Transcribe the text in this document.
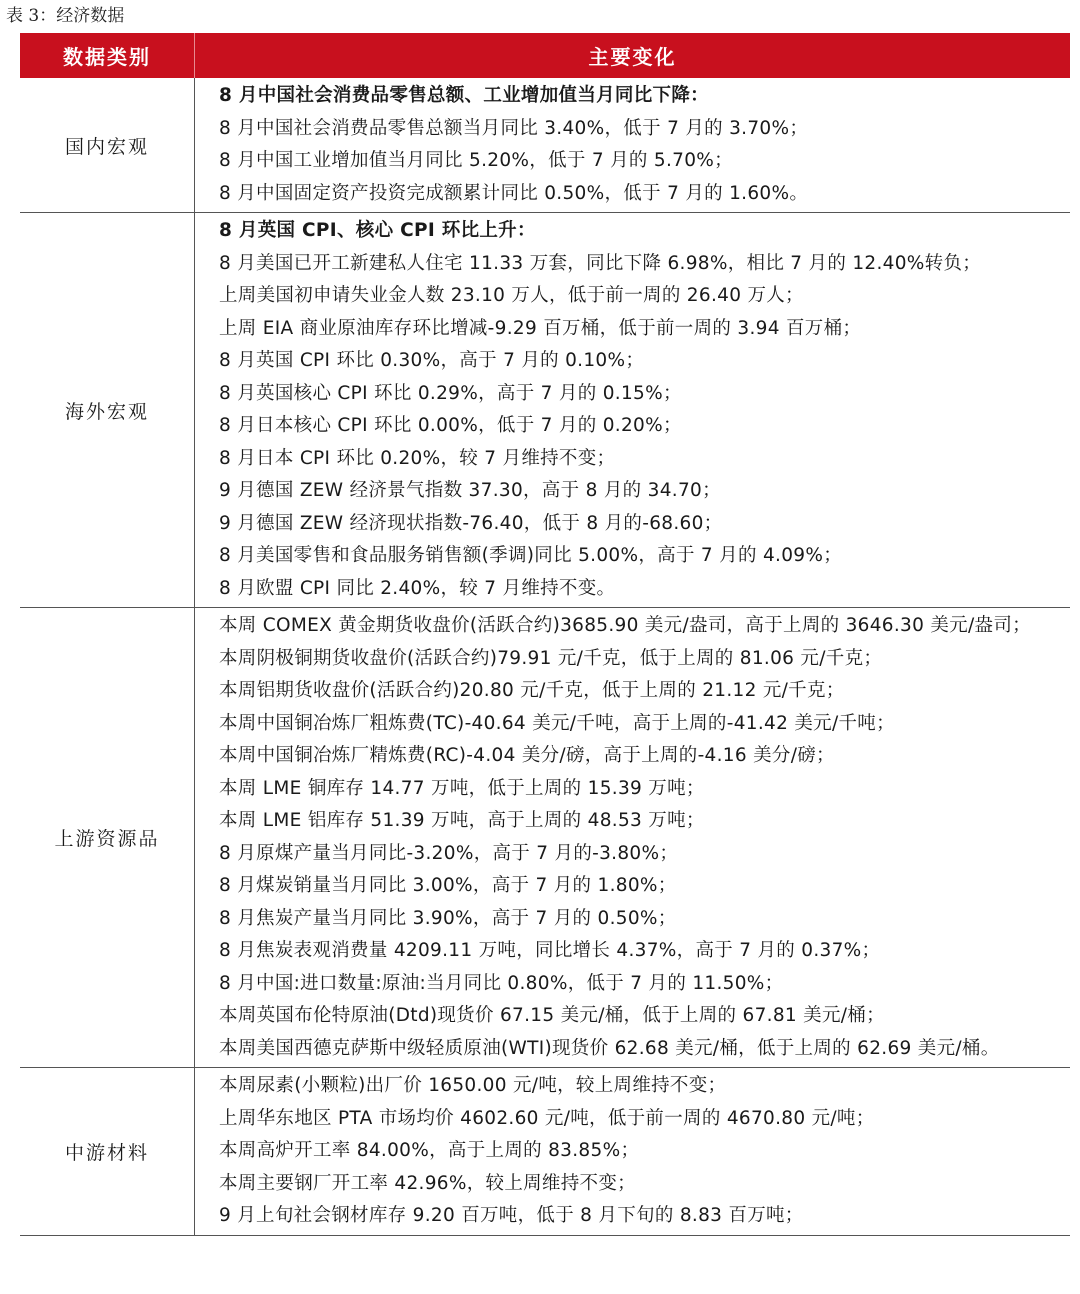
表 3：经济数据
数据类别	主要变化
国内宏观
8 月中国社会消费品零售总额、工业增加值当月同比下降：
8 月中国社会消费品零售总额当月同比 3.40%，低于 7 月的 3.70%；
8 月中国工业增加值当月同比 5.20%，低于 7 月的 5.70%；
8 月中国固定资产投资完成额累计同比 0.50%，低于 7 月的 1.60%。
海外宏观
8 月英国 CPI、核心 CPI 环比上升：
8 月美国已开工新建私人住宅 11.33 万套，同比下降 6.98%，相比 7 月的 12.40%转负；
上周美国初申请失业金人数 23.10 万人，低于前一周的 26.40 万人；
上周 EIA 商业原油库存环比增减-9.29 百万桶，低于前一周的 3.94 百万桶；
8 月英国 CPI 环比 0.30%，高于 7 月的 0.10%；
8 月英国核心 CPI 环比 0.29%，高于 7 月的 0.15%；
8 月日本核心 CPI 环比 0.00%，低于 7 月的 0.20%；
8 月日本 CPI 环比 0.20%，较 7 月维持不变；
9 月德国 ZEW 经济景气指数 37.30，高于 8 月的 34.70；
9 月德国 ZEW 经济现状指数-76.40，低于 8 月的-68.60；
8 月美国零售和食品服务销售额(季调)同比 5.00%，高于 7 月的 4.09%；
8 月欧盟 CPI 同比 2.40%，较 7 月维持不变。
上游资源品
本周 COMEX 黄金期货收盘价(活跃合约)3685.90 美元/盎司，高于上周的 3646.30 美元/盎司；
本周阴极铜期货收盘价(活跃合约)79.91 元/千克，低于上周的 81.06 元/千克；
本周铝期货收盘价(活跃合约)20.80 元/千克，低于上周的 21.12 元/千克；
本周中国铜冶炼厂粗炼费(TC)-40.64 美元/千吨，高于上周的-41.42 美元/千吨；
本周中国铜冶炼厂精炼费(RC)-4.04 美分/磅，高于上周的-4.16 美分/磅；
本周 LME 铜库存 14.77 万吨，低于上周的 15.39 万吨；
本周 LME 铝库存 51.39 万吨，高于上周的 48.53 万吨；
8 月原煤产量当月同比-3.20%，高于 7 月的-3.80%；
8 月煤炭销量当月同比 3.00%，高于 7 月的 1.80%；
8 月焦炭产量当月同比 3.90%，高于 7 月的 0.50%；
8 月焦炭表观消费量 4209.11 万吨，同比增长 4.37%，高于 7 月的 0.37%；
8 月中国:进口数量:原油:当月同比 0.80%，低于 7 月的 11.50%；
本周英国布伦特原油(Dtd)现货价 67.15 美元/桶，低于上周的 67.81 美元/桶；
本周美国西德克萨斯中级轻质原油(WTI)现货价 62.68 美元/桶，低于上周的 62.69 美元/桶。
中游材料
本周尿素(小颗粒)出厂价 1650.00 元/吨，较上周维持不变；
上周华东地区 PTA 市场均价 4602.60 元/吨，低于前一周的 4670.80 元/吨；
本周高炉开工率 84.00%，高于上周的 83.85%；
本周主要钢厂开工率 42.96%，较上周维持不变；
9 月上旬社会钢材库存 9.20 百万吨，低于 8 月下旬的 8.83 百万吨；
